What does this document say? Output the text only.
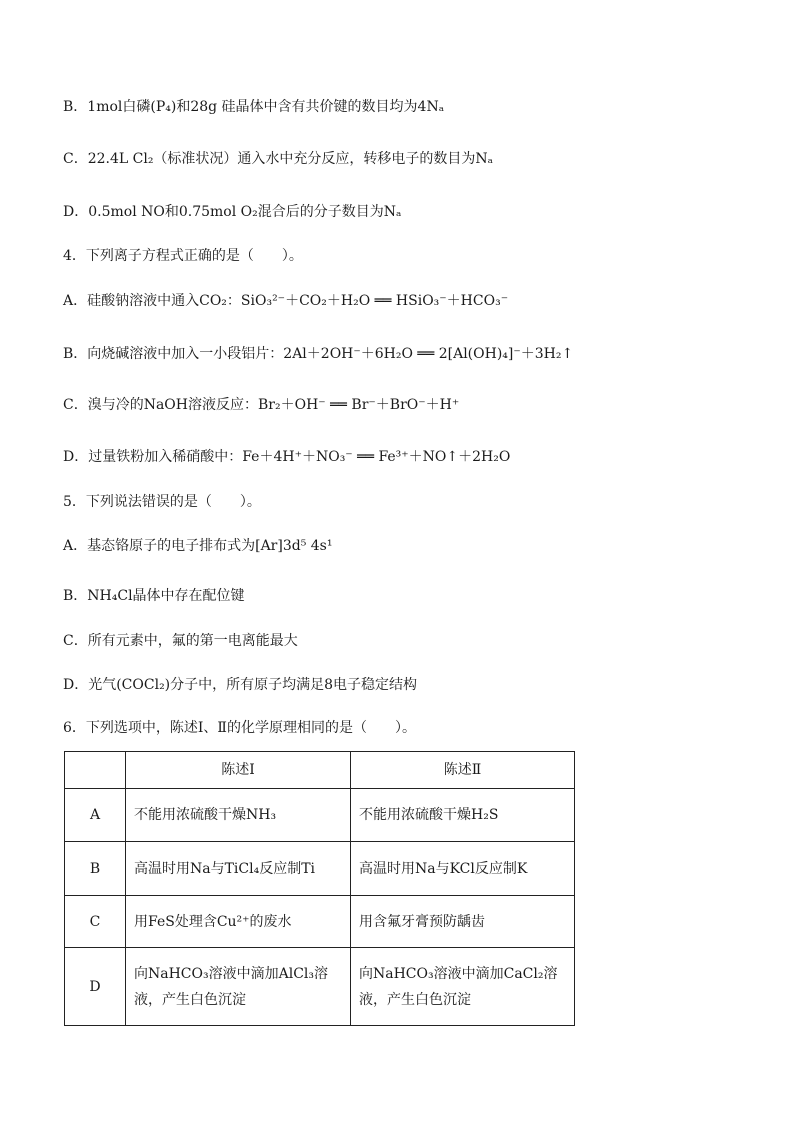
B．1mol白磷(P₄)和28g 硅晶体中含有共价键的数目均为4Nₐ
C．22.4L Cl₂（标准状况）通入水中充分反应，转移电子的数目为Nₐ
D．0.5mol NO和0.75mol O₂混合后的分子数目为Nₐ
4．下列离子方程式正确的是（　　）。
A．硅酸钠溶液中通入CO₂：SiO₃²⁻＋CO₂＋H₂O ══ HSiO₃⁻＋HCO₃⁻
B．向烧碱溶液中加入一小段铝片：2Al＋2OH⁻＋6H₂O ══ 2[Al(OH)₄]⁻＋3H₂↑
C．溴与冷的NaOH溶液反应：Br₂＋OH⁻ ══ Br⁻＋BrO⁻＋H⁺
D．过量铁粉加入稀硝酸中：Fe＋4H⁺＋NO₃⁻ ══ Fe³⁺＋NO↑＋2H₂O
5．下列说法错误的是（　　）。
A．基态铬原子的电子排布式为[Ar]3d⁵ 4s¹
B．NH₄Cl晶体中存在配位键
C．所有元素中，氟的第一电离能最大
D．光气(COCl₂)分子中，所有原子均满足8电子稳定结构
6．下列选项中，陈述Ⅰ、Ⅱ的化学原理相同的是（　　）。
	陈述Ⅰ	陈述Ⅱ
A	不能用浓硫酸干燥NH₃	不能用浓硫酸干燥H₂S
B	高温时用Na与TiCl₄反应制Ti	高温时用Na与KCl反应制K
C	用FeS处理含Cu²⁺的废水	用含氟牙膏预防龋齿
D	向NaHCO₃溶液中滴加AlCl₃溶液，产生白色沉淀	向NaHCO₃溶液中滴加CaCl₂溶液，产生白色沉淀
